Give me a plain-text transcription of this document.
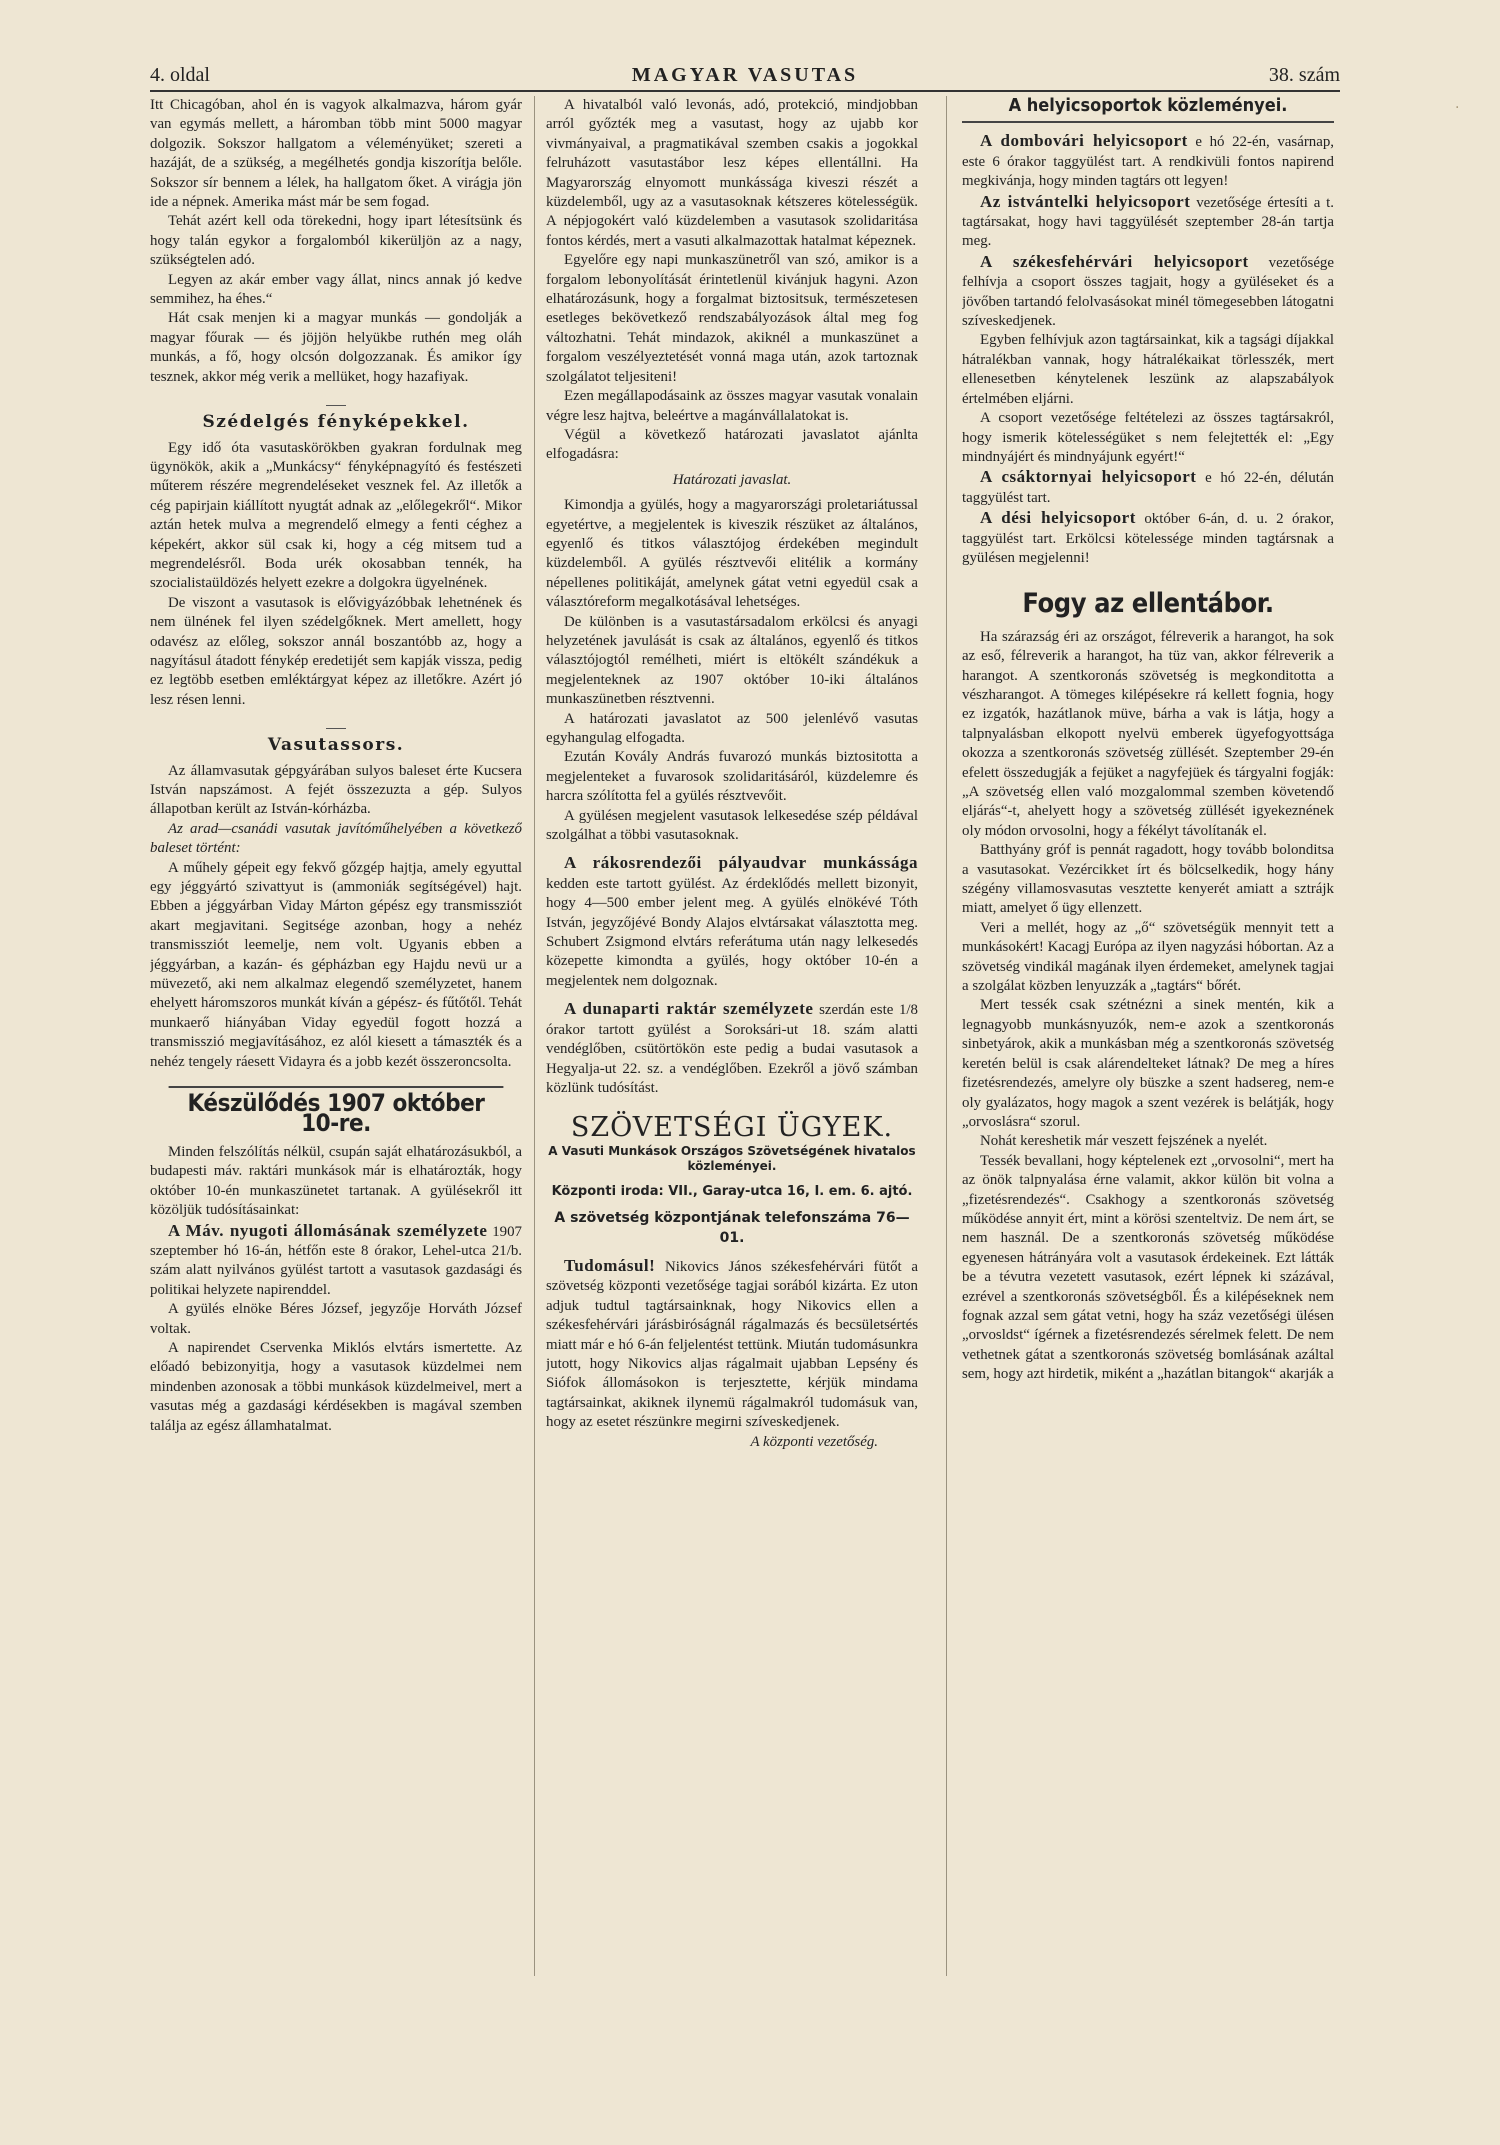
4. oldal	MAGYAR VASUTAS	38. szám

Itt Chicagóban, ahol én is vagyok alkalmazva, három gyár van egymás mellett, a háromban több mint 5000 magyar dolgozik. Sokszor hallgatom a véleményüket; szereti a hazáját, de a szükség, a megélhetés gondja kiszorítja belőle. Sokszor sír bennem a lélek, ha hallgatom őket. A virágja jön ide a népnek. Amerika mást már be sem fogad.

Tehát azért kell oda törekedni, hogy ipart létesítsünk és hogy talán egykor a forgalomból kikerüljön az a nagy, szükségtelen adó.

Legyen az akár ember vagy állat, nincs annak jó kedve semmihez, ha éhes.“

Hát csak menjen ki a magyar munkás — gondolják a magyar főurak — és jöjjön helyükbe ruthén meg oláh munkás, a fő, hogy olcsón dolgozzanak. És amikor így tesznek, akkor még verik a mellüket, hogy hazafiyak.

Szédelgés fényképekkel.

Egy idő óta vasutaskörökben gyakran fordulnak meg ügynökök, akik a „Munkácsy“ fényképnagyító és festészeti műterem részére megrendeléseket vesznek fel. Az illetők a cég papirjain kiállított nyugtát adnak az „előlegekről“. Mikor aztán hetek mulva a megrendelő elmegy a fenti céghez a képekért, akkor sül csak ki, hogy a cég mitsem tud a megrendelésről. Boda urék okosabban tennék, ha szocialistaüldözés helyett ezekre a dolgokra ügyelnének.

De viszont a vasutasok is elővigyázóbbak lehetnének és nem ülnének fel ilyen szédelgőknek. Mert amellett, hogy odavész az előleg, sokszor annál boszantóbb az, hogy a nagyításul átadott fénykép eredetijét sem kapják vissza, pedig ez legtöbb esetben emléktárgyat képez az illetőkre. Azért jó lesz résen lenni.

Vasutassors.

Az államvasutak gépgyárában sulyos baleset érte Kucsera István napszámost. A fejét összezuzta a gép. Sulyos állapotban került az István-kórházba.

Az arad—csanádi vasutak javítóműhelyében a következő baleset történt:

A műhely gépeit egy fekvő gőzgép hajtja, amely egyuttal egy jéggyártó szivattyut is (ammoniák segítségével) hajt. Ebben a jéggyárban Viday Márton gépész egy transmissziót akart megjavitani. Segitsége azonban, hogy a nehéz transmissziót leemelje, nem volt. Ugyanis ebben a jéggyárban, a kazán- és gépházban egy Hajdu nevü ur a müvezető, aki nem alkalmaz elegendő személyzetet, hanem ehelyett háromszoros munkát kíván a gépész- és fűtőtől. Tehát munkaerő hiányában Viday egyedül fogott hozzá a transmisszió megjavításához, ez alól kiesett a támaszték és a nehéz tengely ráesett Vidayra és a jobb kezét összeroncsolta.

Készülődés 1907 október 10-re.

Minden felszólítás nélkül, csupán saját elhatározásukból, a budapesti máv. raktári munkások már is elhatározták, hogy október 10-én munkaszünetet tartanak. A gyülésekről itt közöljük tudósításainkat:

A Máv. nyugoti állomásának személyzete 1907 szeptember hó 16-án, hétfőn este 8 órakor, Lehel-utca 21/b. szám alatt nyilvános gyülést tartott a vasutasok gazdasági és politikai helyzete napirenddel.

A gyülés elnöke Béres József, jegyzője Horváth József voltak.

A napirendet Cservenka Miklós elvtárs ismertette. Az előadó bebizonyitja, hogy a vasutasok küzdelmei nem mindenben azonosak a többi munkások küzdelmeivel, mert a vasutas még a gazdasági kérdésekben is magával szemben találja az egész államhatalmat.

A hivatalból való levonás, adó, protekció, mindjobban arról győzték meg a vasutast, hogy az ujabb kor vivmányaival, a pragmatikával szemben csakis a jogokkal felruházott vasutastábor lesz képes ellentállni. Ha Magyarország elnyomott munkássága kiveszi részét a küzdelemből, ugy az a vasutasoknak kétszeres kötelességük. A népjogokért való küzdelemben a vasutasok szolidaritása fontos kérdés, mert a vasuti alkalmazottak hatalmat képeznek.

Egyelőre egy napi munkaszünetről van szó, amikor is a forgalom lebonyolítását érintetlenül kivánjuk hagyni. Azon elhatározásunk, hogy a forgalmat biztositsuk, természetesen esetleges bekövetkező rendszabályozások által meg fog változhatni. Tehát mindazok, akiknél a munkaszünet a forgalom veszélyeztetését vonná maga után, azok tartoznak szolgálatot teljesiteni!

Ezen megállapodásaink az összes magyar vasutak vonalain végre lesz hajtva, beleértve a magánvállalatokat is.

Végül a következő határozati javaslatot ajánlta elfogadásra:

Határozati javaslat.

Kimondja a gyülés, hogy a magyarországi proletariátussal egyetértve, a megjelentek is kiveszik részüket az általános, egyenlő és titkos választójog érdekében megindult küzdelemből. A gyülés résztvevői elitélik a kormány népellenes politikáját, amelynek gátat vetni egyedül csak a választóreform megalkotásával lehetséges.

De különben is a vasutastársadalom erkölcsi és anyagi helyzetének javulását is csak az általános, egyenlő és titkos választójogtól remélheti, miért is eltökélt szándékuk a megjelenteknek az 1907 október 10-iki általános munkaszünetben résztvenni.

A határozati javaslatot az 500 jelenlévő vasutas egyhangulag elfogadta.

Ezután Kovály András fuvarozó munkás biztositotta a megjelenteket a fuvarosok szolidaritásáról, küzdelemre és harcra szólította fel a gyülés résztvevőit.

A gyülésen megjelent vasutasok lelkesedése szép példával szolgálhat a többi vasutasoknak.

A rákosrendezői pályaudvar munkássága kedden este tartott gyülést. Az érdeklődés mellett bizonyit, hogy 4—500 ember jelent meg. A gyülés elnökévé Tóth István, jegyzőjévé Bondy Alajos elvtársakat választotta meg. Schubert Zsigmond elvtárs referátuma után nagy lelkesedés közepette kimondta a gyülés, hogy október 10-én a megjelentek nem dolgoznak.

A dunaparti raktár személyzete szerdán este 1/8 órakor tartott gyülést a Soroksári-ut 18. szám alatti vendéglőben, csütörtökön este pedig a budai vasutasok a Hegyalja-ut 22. sz. a vendéglőben. Ezekről a jövő számban közlünk tudósítást.

SZÖVETSÉGI ÜGYEK.
A Vasuti Munkások Országos Szövetségének hivatalos közleményei.
Központi iroda: VII., Garay-utca 16, I. em. 6. ajtó.
A szövetség központjának telefonszáma 76—01.

Tudomásul! Nikovics János székesfehérvári fütőt a szövetség központi vezetősége tagjai sorából kizárta. Ez uton adjuk tudtul tagtársainknak, hogy Nikovics ellen a székesfehérvári járásbiróságnál rágalmazás és becsületsértés miatt már e hó 6-án feljelentést tettünk. Miután tudomásunkra jutott, hogy Nikovics aljas rágalmait ujabban Lepsény és Siófok állomásokon is terjesztette, kérjük mindama tagtársainkat, akiknek ilynemü rágalmakról tudomásuk van, hogy az esetet részünkre megirni szíveskedjenek.

A központi vezetőség.

A helyicsoportok közleményei.

A dombovári helyicsoport e hó 22-én, vasárnap, este 6 órakor taggyülést tart. A rendkivüli fontos napirend megkivánja, hogy minden tagtárs ott legyen!

Az istvántelki helyicsoport vezetősége értesíti a t. tagtársakat, hogy havi taggyülését szeptember 28-án tartja meg.

A székesfehérvári helyicsoport vezetősége felhívja a csoport összes tagjait, hogy a gyüléseket és a jövőben tartandó felolvasásokat minél tömegesebben látogatni szíveskedjenek.

Egyben felhívjuk azon tagtársainkat, kik a tagsági díjakkal hátralékban vannak, hogy hátralékaikat törlesszék, mert ellenesetben kénytelenek leszünk az alapszabályok értelmében eljárni.

A csoport vezetősége feltételezi az összes tagtársakról, hogy ismerik kötelességüket s nem felejtették el: „Egy mindnyájért és mindnyájunk egyért!“

A csáktornyai helyicsoport e hó 22-én, délután taggyülést tart.

A dési helyicsoport október 6-án, d. u. 2 órakor, taggyülést tart. Erkölcsi kötelessége minden tagtársnak a gyülésen megjelenni!

Fogy az ellentábor.

Ha szárazság éri az országot, félreverik a harangot, ha sok az eső, félreverik a harangot, ha tüz van, akkor félreverik a harangot. A szentkoronás szövetség is megkonditotta a vészharangot. A tömeges kilépésekre rá kellett fognia, hogy ez izgatók, hazátlanok müve, bárha a vak is látja, hogy a talpnyalásban elkopott nyelvü emberek ügyefogyottsága okozza a szentkoronás szövetség züllését. Szeptember 29-én efelett összedugják a fejüket a nagyfejüek és tárgyalni fogják: „A szövetség ellen való mozgalommal szemben követendő eljárás“-t, ahelyett hogy a szövetség züllését igyekeznének oly módon orvosolni, hogy a fékélyt távolítanák el.

Batthyány gróf is pennát ragadott, hogy tovább bolonditsa a vasutasokat. Vezércikket írt és bölcselkedik, hogy hány szégény villamosvasutas vesztette kenyerét amiatt a sztrájk miatt, amelyet ő ügy ellenzett.

Veri a mellét, hogy az „ő“ szövetségük mennyit tett a munkásokért! Kacagj Európa az ilyen nagyzási hóbortan. Az a szövetség vindikál magának ilyen érdemeket, amelynek tagjai a szolgálat közben lenyuzzák a „tagtárs“ bőrét.

Mert tessék csak szétnézni a sinek mentén, kik a legnagyobb munkásnyuzók, nem-e azok a szentkoronás sinbetyárok, akik a munkásban még a szentkoronás szövetség keretén belül is csak alárendelteket látnak? De meg a híres fizetésrendezés, amelyre oly büszke a szent hadsereg, nem-e oly gyalázatos, hogy magok a szent vezérek is belátják, hogy „orvoslásra“ szorul.

Nohát kereshetik már veszett fejszének a nyelét.

Tessék bevallani, hogy képtelenek ezt „orvosolni“, mert ha az önök talpnyalása érne valamit, akkor külön bit volna a „fizetésrendezés“. Csakhogy a szentkoronás szövetség működése annyit ért, mint a körösi szenteltviz. De nem árt, se nem használ. De a szentkoronás szövetség működése egyenesen hátrányára volt a vasutasok érdekeinek. Ezt látták be a tévutra vezetett vasutasok, ezért lépnek ki százával, ezrével a szentkoronás szövetségből. És a kilépéseknek nem fognak azzal sem gátat vetni, hogy ha száz vezetőségi ülésen „orvosldst“ ígérnek a fizetésrendezés sérelmek felett. De nem vethetnek gátat a szentkoronás szövetség bomlásának azáltal sem, hogy azt hirdetik, miként a „hazátlan bitangok“ akarják a

·
